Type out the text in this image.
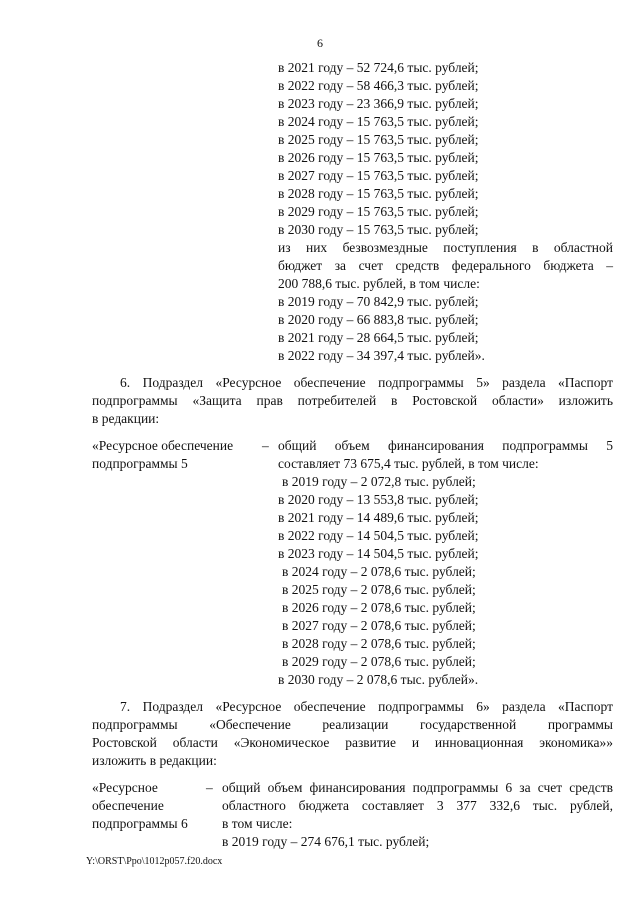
6
в 2021 году – 52 724,6 тыс. рублей;
в 2022 году – 58 466,3 тыс. рублей;
в 2023 году – 23 366,9 тыс. рублей;
в 2024 году – 15 763,5 тыс. рублей;
в 2025 году – 15 763,5 тыс. рублей;
в 2026 году – 15 763,5 тыс. рублей;
в 2027 году – 15 763,5 тыс. рублей;
в 2028 году – 15 763,5 тыс. рублей;
в 2029 году – 15 763,5 тыс. рублей;
в 2030 году – 15 763,5 тыс. рублей;
из них безвозмездные поступления в областной
бюджет за счет средств федерального бюджета –
200 788,6 тыс. рублей, в том числе:
в 2019 году – 70 842,9 тыс. рублей;
в 2020 году – 66 883,8 тыс. рублей;
в 2021 году – 28 664,5 тыс. рублей;
в 2022 году – 34 397,4 тыс. рублей».
6. Подраздел «Ресурсное обеспечение подпрограммы 5» раздела «Паспорт
подпрограммы «Защита прав потребителей в Ростовской области» изложить
в редакции:
«Ресурсное обеспечение
подпрограммы 5
– общий объем финансирования подпрограммы 5
составляет 73 675,4 тыс. рублей, в том числе:
в 2019 году – 2 072,8 тыс. рублей;
в 2020 году – 13 553,8 тыс. рублей;
в 2021 году – 14 489,6 тыс. рублей;
в 2022 году – 14 504,5 тыс. рублей;
в 2023 году – 14 504,5 тыс. рублей;
в 2024 году – 2 078,6 тыс. рублей;
в 2025 году – 2 078,6 тыс. рублей;
в 2026 году – 2 078,6 тыс. рублей;
в 2027 году – 2 078,6 тыс. рублей;
в 2028 году – 2 078,6 тыс. рублей;
в 2029 году – 2 078,6 тыс. рублей;
в 2030 году – 2 078,6 тыс. рублей».
7. Подраздел «Ресурсное обеспечение подпрограммы 6» раздела «Паспорт
подпрограммы «Обеспечение реализации государственной программы
Ростовской области «Экономическое развитие и инновационная экономика»»
изложить в редакции:
«Ресурсное
обеспечение
подпрограммы 6
– общий объем финансирования подпрограммы 6 за счет средств
областного бюджета составляет 3 377 332,6 тыс. рублей,
в том числе:
в 2019 году – 274 676,1 тыс. рублей;
Y:\ORST\Ppo\1012p057.f20.docx
